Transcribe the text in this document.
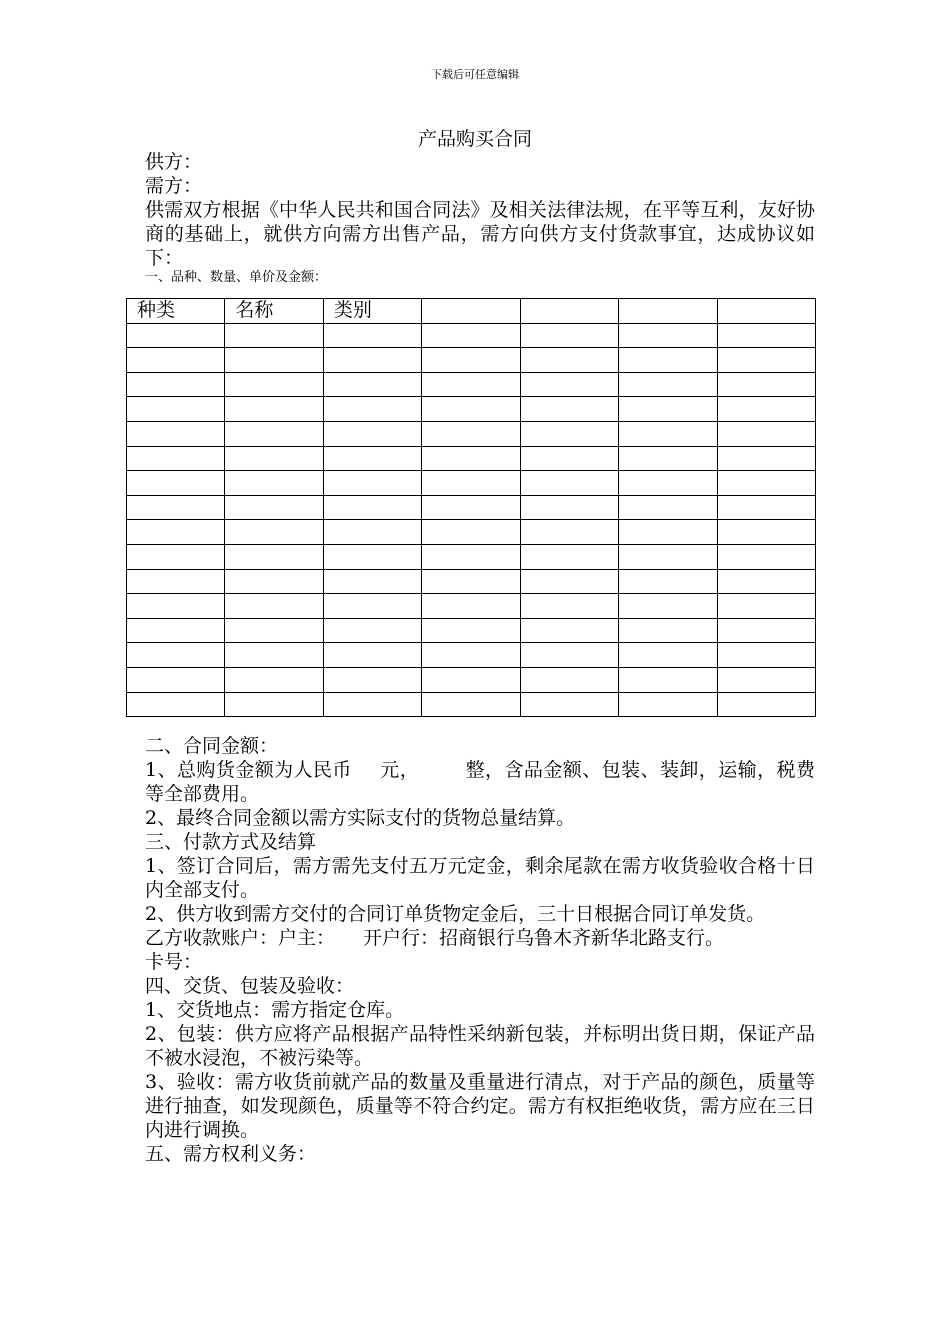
下载后可任意编辑
产品购买合同

供方：

需方：

供需双方根据《中华人民共和国合同法》及相关法律法规，在平等互利，友好协商的基础上，就供方向需方出售产品，需方向供方支付货款事宜，达成协议如下：

一、品种、数量、单价及金额：

种类	名称	类别				

二、合同金额：

1、总购货金额为人民币 元， 整，含品金额、包装、装卸，运输，税费等全部费用。

2、最终合同金额以需方实际支付的货物总量结算。

三、付款方式及结算

1、签订合同后，需方需先支付五万元定金，剩余尾款在需方收货验收合格十日内全部支付。

2、供方收到需方交付的合同订单货物定金后，三十日根据合同订单发货。

乙方收款账户：户主： 开户行：招商银行乌鲁木齐新华北路支行。

卡号：

四、交货、包装及验收：

1、交货地点：需方指定仓库。

2、包装：供方应将产品根据产品特性采纳新包装，并标明出货日期，保证产品不被水浸泡，不被污染等。

3、验收：需方收货前就产品的数量及重量进行清点，对于产品的颜色，质量等进行抽查，如发现颜色，质量等不符合约定。需方有权拒绝收货，需方应在三日内进行调换。

五、需方权利义务：
